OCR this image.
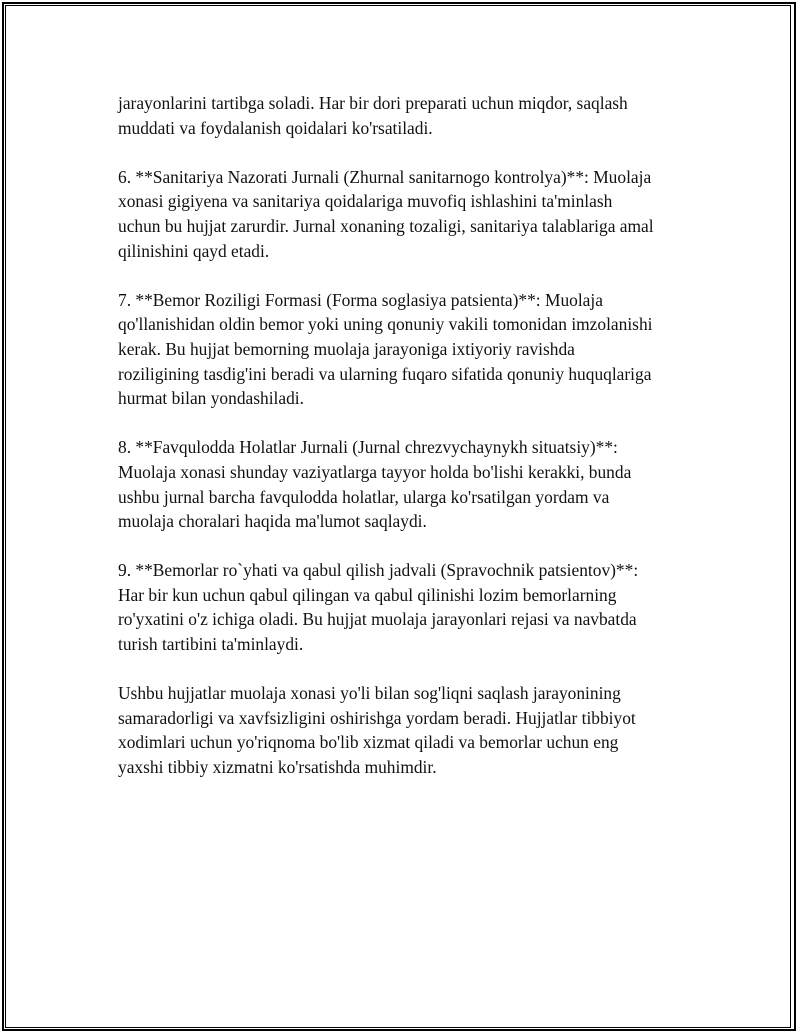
jarayonlarini tartibga soladi. Har bir dori preparati uchun miqdor, saqlash
muddati va foydalanish qoidalari ko'rsatiladi.

6. **Sanitariya Nazorati Jurnali (Zhurnal sanitarnogo kontrolya)**: Muolaja
xonasi gigiyena va sanitariya qoidalariga muvofiq ishlashini ta'minlash
uchun bu hujjat zarurdir. Jurnal xonaning tozaligi, sanitariya talablariga amal
qilinishini qayd etadi.

7. **Bemor Roziligi Formasi (Forma soglasiya patsienta)**: Muolaja
qo'llanishidan oldin bemor yoki uning qonuniy vakili tomonidan imzolanishi
kerak. Bu hujjat bemorning muolaja jarayoniga ixtiyoriy ravishda
roziligining tasdig'ini beradi va ularning fuqaro sifatida qonuniy huquqlariga
hurmat bilan yondashiladi.

8. **Favqulodda Holatlar Jurnali (Jurnal chrezvychaynykh situatsiy)**:
Muolaja xonasi shunday vaziyatlarga tayyor holda bo'lishi kerakki, bunda
ushbu jurnal barcha favqulodda holatlar, ularga ko'rsatilgan yordam va
muolaja choralari haqida ma'lumot saqlaydi.

9. **Bemorlar ro`yhati va qabul qilish jadvali (Spravochnik patsientov)**:
Har bir kun uchun qabul qilingan va qabul qilinishi lozim bemorlarning
ro'yxatini o'z ichiga oladi. Bu hujjat muolaja jarayonlari rejasi va navbatda
turish tartibini ta'minlaydi.

Ushbu hujjatlar muolaja xonasi yo'li bilan sog'liqni saqlash jarayonining
samaradorligi va xavfsizligini oshirishga yordam beradi. Hujjatlar tibbiyot
xodimlari uchun yo'riqnoma bo'lib xizmat qiladi va bemorlar uchun eng
yaxshi tibbiy xizmatni ko'rsatishda muhimdir.
